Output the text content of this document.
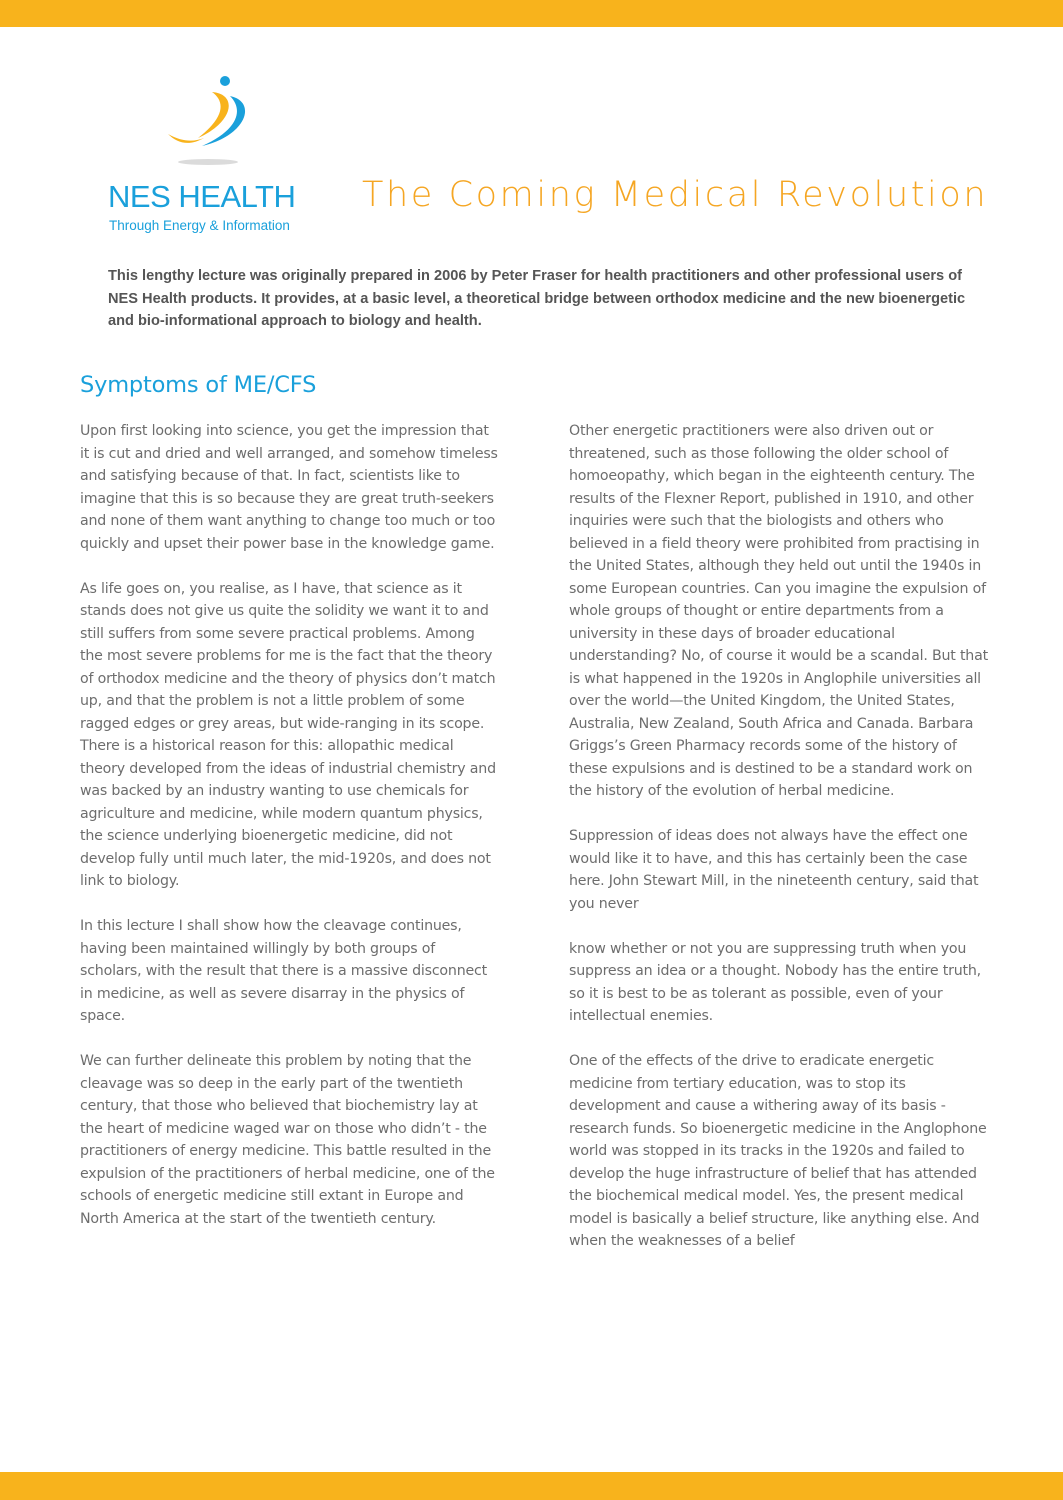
NES HEALTH
Through Energy & Information
The Coming Medical Revolution

This lengthy lecture was originally prepared in 2006 by Peter Fraser for health practitioners and other professional users of NES Health products. It provides, at a basic level, a theoretical bridge between orthodox medicine and the new bioenergetic and bio-informational approach to biology and health.

Symptoms of ME/CFS

Upon first looking into science, you get the impression that it is cut and dried and well arranged, and somehow timeless and satisfying because of that. In fact, scientists like to imagine that this is so because they are great truth-seekers and none of them want anything to change too much or too quickly and upset their power base in the knowledge game.

As life goes on, you realise, as I have, that science as it stands does not give us quite the solidity we want it to and still suffers from some severe practical problems. Among the most severe problems for me is the fact that the theory of orthodox medicine and the theory of physics don’t match up, and that the problem is not a little problem of some ragged edges or grey areas, but wide-ranging in its scope. There is a historical reason for this: allopathic medical theory developed from the ideas of industrial chemistry and was backed by an industry wanting to use chemicals for agriculture and medicine, while modern quantum physics, the science underlying bioenergetic medicine, did not develop fully until much later, the mid-1920s, and does not link to biology.

In this lecture I shall show how the cleavage continues, having been maintained willingly by both groups of scholars, with the result that there is a massive disconnect in medicine, as well as severe disarray in the physics of space.

We can further delineate this problem by noting that the cleavage was so deep in the early part of the twentieth century, that those who believed that biochemistry lay at the heart of medicine waged war on those who didn’t - the practitioners of energy medicine. This battle resulted in the expulsion of the practitioners of herbal medicine, one of the schools of energetic medicine still extant in Europe and North America at the start of the twentieth century.

Other energetic practitioners were also driven out or threatened, such as those following the older school of homoeopathy, which began in the eighteenth century. The results of the Flexner Report, published in 1910, and other inquiries were such that the biologists and others who believed in a field theory were prohibited from practising in the United States, although they held out until the 1940s in some European countries. Can you imagine the expulsion of whole groups of thought or entire departments from a university in these days of broader educational understanding? No, of course it would be a scandal. But that is what happened in the 1920s in Anglophile universities all over the world—the United Kingdom, the United States, Australia, New Zealand, South Africa and Canada. Barbara Griggs’s Green Pharmacy records some of the history of these expulsions and is destined to be a standard work on the history of the evolution of herbal medicine.

Suppression of ideas does not always have the effect one would like it to have, and this has certainly been the case here. John Stewart Mill, in the nineteenth century, said that you never

know whether or not you are suppressing truth when you suppress an idea or a thought. Nobody has the entire truth, so it is best to be as tolerant as possible, even of your intellectual enemies.

One of the effects of the drive to eradicate energetic medicine from tertiary education, was to stop its development and cause a withering away of its basis - research funds. So bioenergetic medicine in the Anglophone world was stopped in its tracks in the 1920s and failed to develop the huge infrastructure of belief that has attended the biochemical medical model. Yes, the present medical model is basically a belief structure, like anything else. And when the weaknesses of a belief
